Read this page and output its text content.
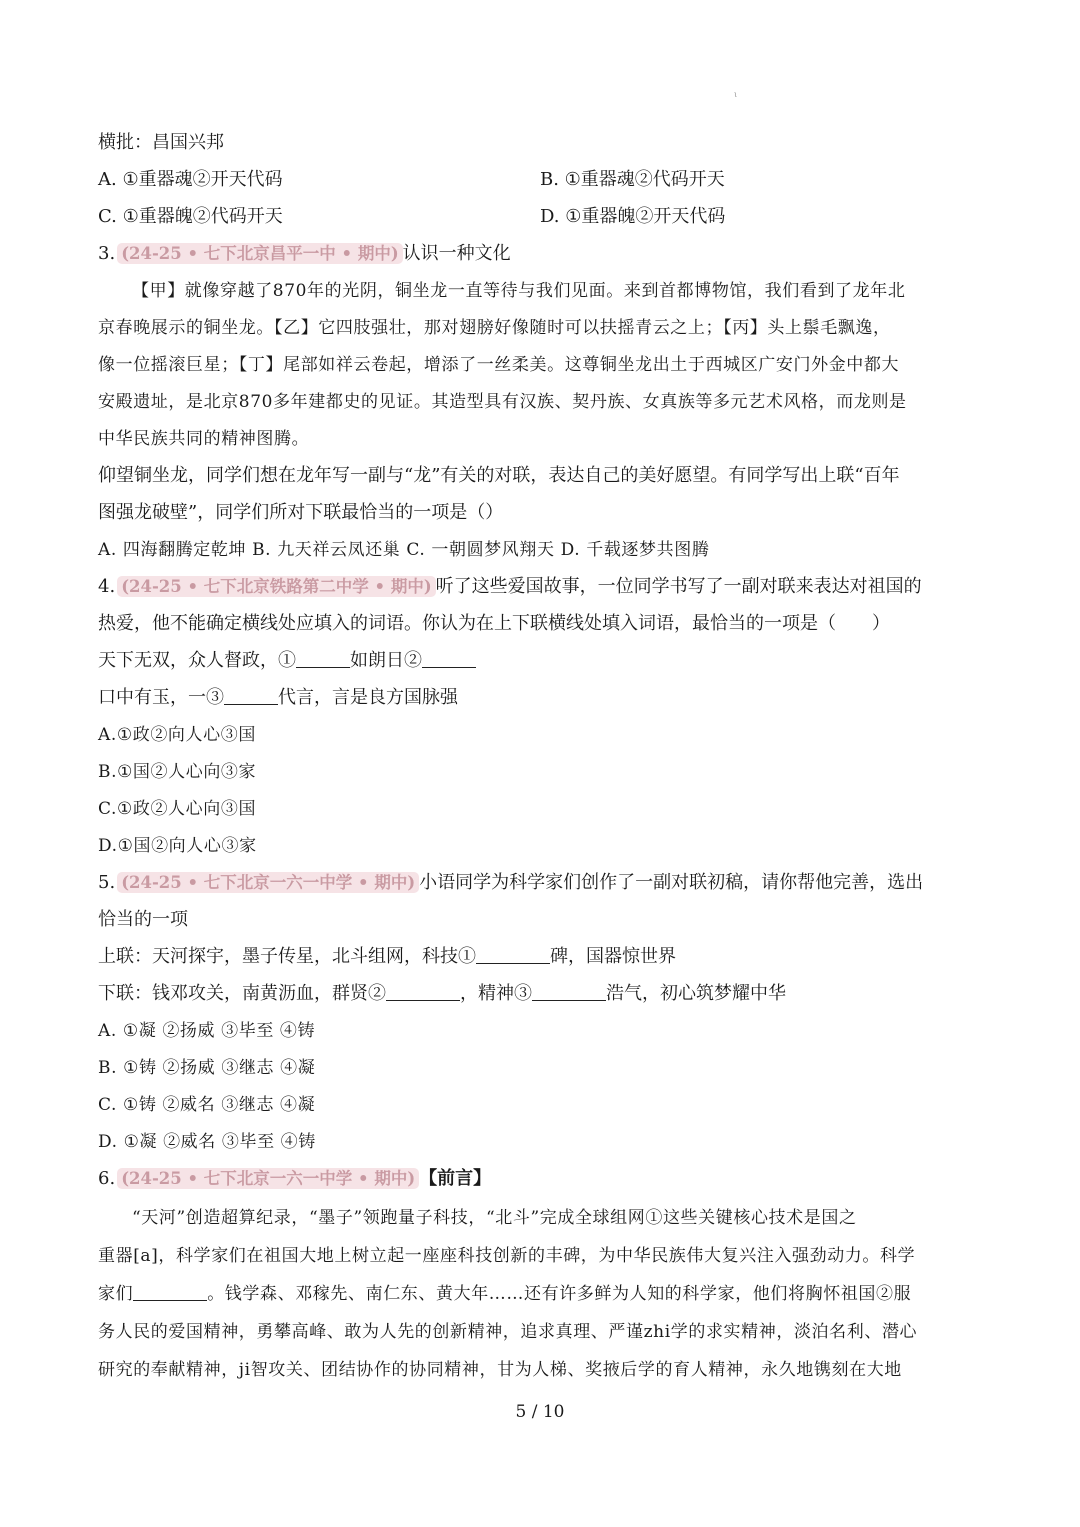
ι
横批：昌国兴邦
A. ①重器魂②开天代码	B. ①重器魂②代码开天
C. ①重器魄②代码开天	D. ①重器魄②开天代码
3. (24-25 • 七下北京昌平一中 • 期中) 认识一种文化
【甲】就像穿越了870年的光阴，铜坐龙一直等待与我们见面。来到首都博物馆，我们看到了龙年北
京春晚展示的铜坐龙。【乙】它四肢强壮，那对翅膀好像随时可以扶摇青云之上；【丙】头上鬃毛飘逸，
像一位摇滚巨星；【丁】尾部如祥云卷起，增添了一丝柔美。这尊铜坐龙出土于西城区广安门外金中都大
安殿遗址，是北京870多年建都史的见证。其造型具有汉族、契丹族、女真族等多元艺术风格，而龙则是
中华民族共同的精神图腾。
仰望铜坐龙，同学们想在龙年写一副与“龙”有关的对联，表达自己的美好愿望。有同学写出上联“百年
图强龙破壁”，同学们所对下联最恰当的一项是（）
A. 四海翻腾定乾坤 B. 九天祥云凤还巢 C. 一朝圆梦风翔天 D. 千载逐梦共图腾
4. (24-25 • 七下北京铁路第二中学 • 期中) 听了这些爱国故事，一位同学书写了一副对联来表达对祖国的
热爱，他不能确定横线处应填入的词语。你认为在上下联横线处填入词语，最恰当的一项是（　　）
天下无双，众人督政，①	如朗日②
口中有玉，一③	代言，言是良方国脉强
A.①政②向人心③国
B.①国②人心向③家
C.①政②人心向③国
D.①国②向人心③家
5. (24-25 • 七下北京一六一中学 • 期中) 小语同学为科学家们创作了一副对联初稿，请你帮他完善，选出
恰当的一项
上联：天河探宇，墨子传星，北斗组网，科技①	碑，国器惊世界
下联：钱邓攻关，南黄沥血，群贤②	，精神③	浩气，初心筑梦耀中华
A. ①凝 ②扬威 ③毕至 ④铸
B. ①铸 ②扬威 ③继志 ④凝
C. ①铸 ②威名 ③继志 ④凝
D. ①凝 ②威名 ③毕至 ④铸
6. (24-25 • 七下北京一六一中学 • 期中) 【前言】
“天河”创造超算纪录，“墨子”领跑量子科技，“北斗”完成全球组网①这些关键核心技术是国之
重器[a]，科学家们在祖国大地上树立起一座座科技创新的丰碑，为中华民族伟大复兴注入强劲动力。科学
家们	。钱学森、邓稼先、南仁东、黄大年……还有许多鲜为人知的科学家，他们将胸怀祖国②服
务人民的爱国精神，勇攀高峰、敢为人先的创新精神，追求真理、严谨zhi学的求实精神，淡泊名利、潜心
研究的奉献精神，ji智攻关、团结协作的协同精神，甘为人梯、奖掖后学的育人精神，永久地镌刻在大地
5 / 10
